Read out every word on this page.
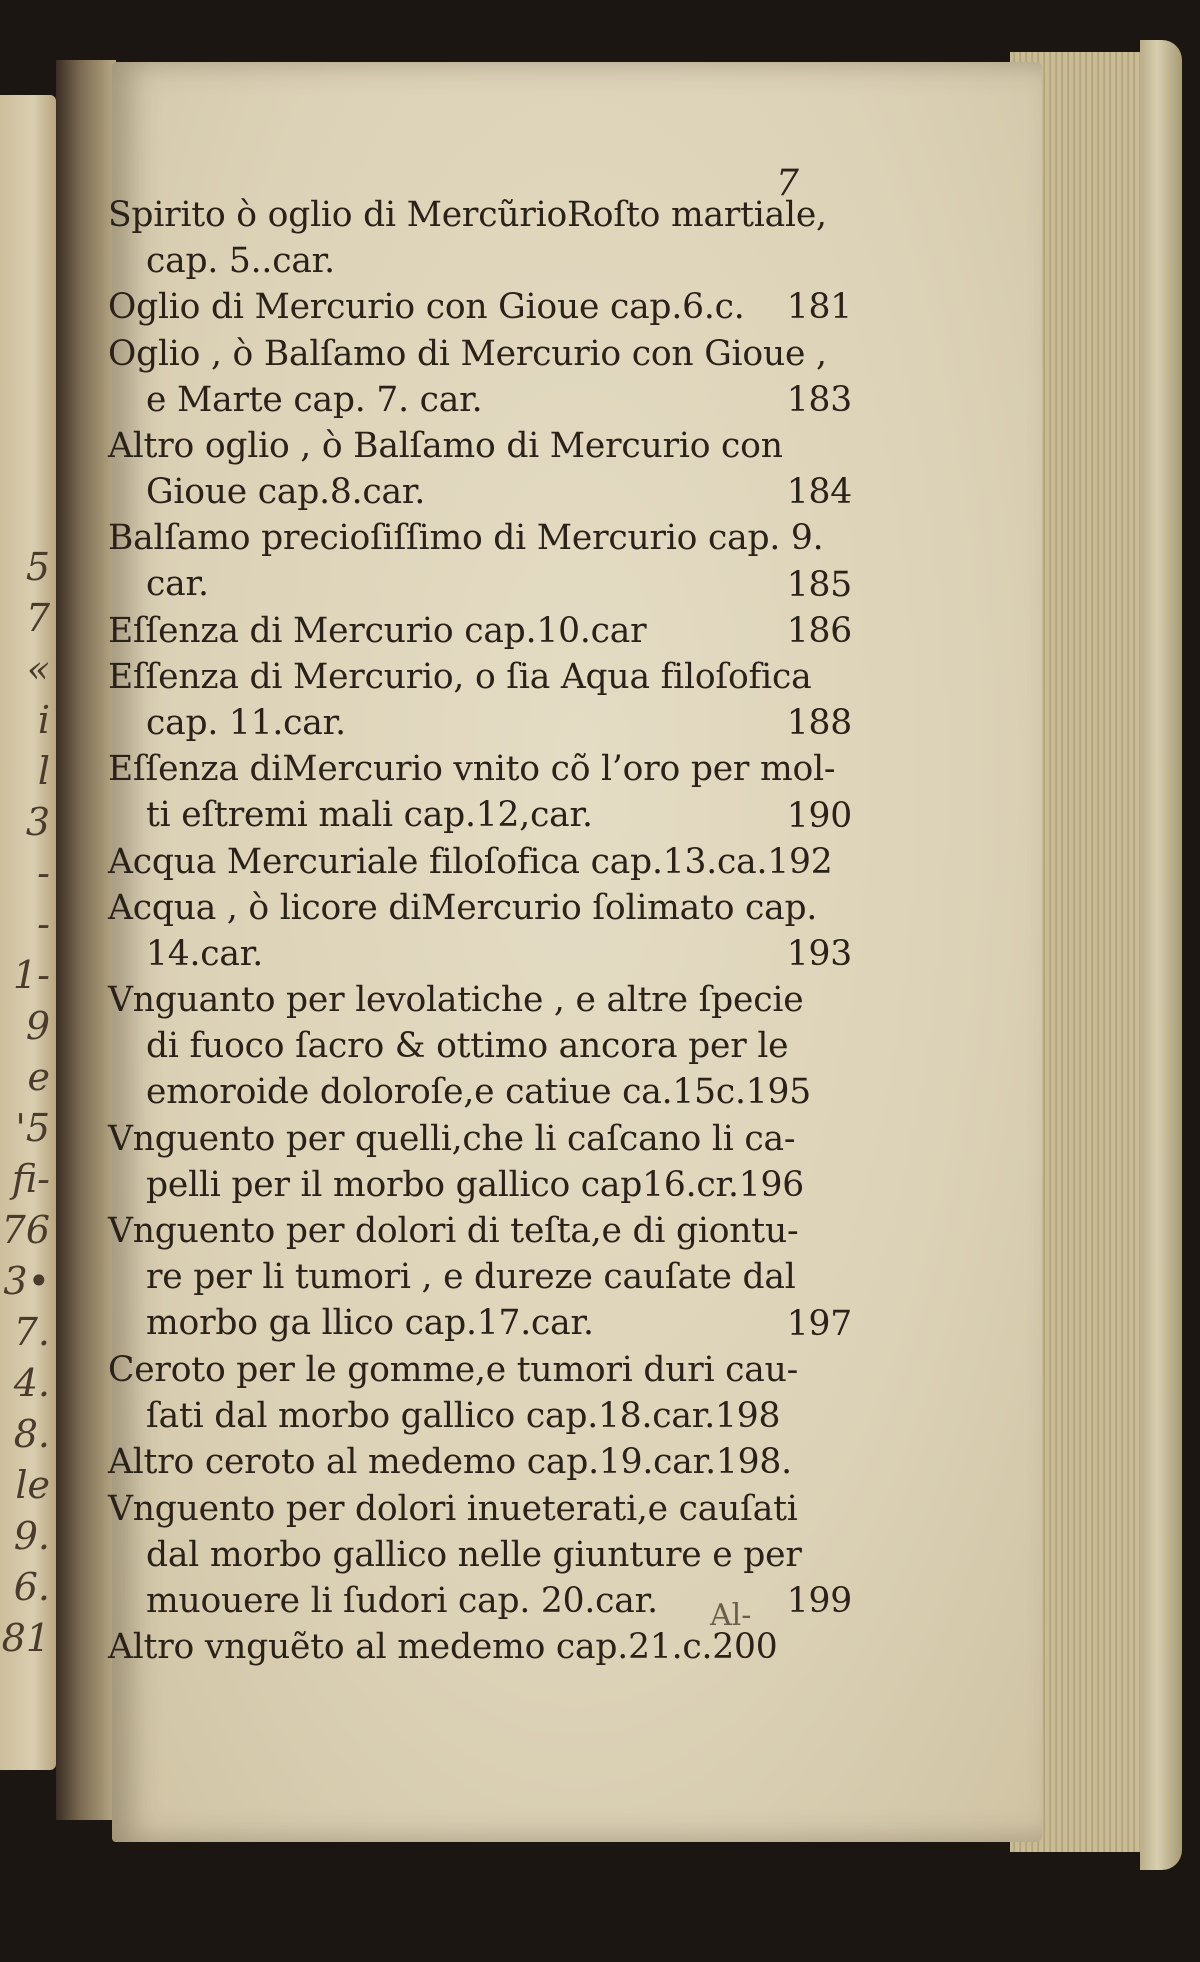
5
7
«
i
l
3
-
-
1-
9
e
'5
fi-
76
3•
7.
4.
8.
le
9.
6.
81
7
Spirito ò oglio di MercũrioRoſto martiale,
cap. 5..car.
Oglio di Mercurio con Gioue cap.6.c.	181
Oglio , ò Balſamo di Mercurio con Gioue ,
e Marte cap. 7. car.	183
Altro oglio , ò Balſamo di Mercurio con
Gioue cap.8.car.	184
Balſamo precioſiſſimo di Mercurio cap. 9.
car.	185
Eſſenza di Mercurio cap.10.car	186
Eſſenza di Mercurio, o ſia Aqua filoſofica
cap. 11.car.	188
Eſſenza diMercurio vnito cõ l’oro per mol-
ti eſtremi mali cap.12,car.	190
Acqua Mercuriale filoſofica cap.13.ca.192
Acqua , ò licore diMercurio ſolimato cap.
14.car.	193
Vnguanto per levolatiche , e altre ſpecie
di fuoco ſacro & ottimo ancora per le
emoroide doloroſe,e catiue ca.15c.195
Vnguento per quelli,che li caſcano li ca-
pelli per il morbo gallico cap16.cr.196
Vnguento per dolori di teſta,e di giontu-
re per li tumori , e dureze cauſate dal
morbo ga llico cap.17.car.	197
Ceroto per le gomme,e tumori duri cau-
ſati dal morbo gallico cap.18.car.198
Altro ceroto al medemo cap.19.car.198.
Vnguento per dolori inueterati,e cauſati
dal morbo gallico nelle giunture e per
muouere li ſudori cap. 20.car.	199
Altro vnguẽto al medemo cap.21.c.200
Al-
